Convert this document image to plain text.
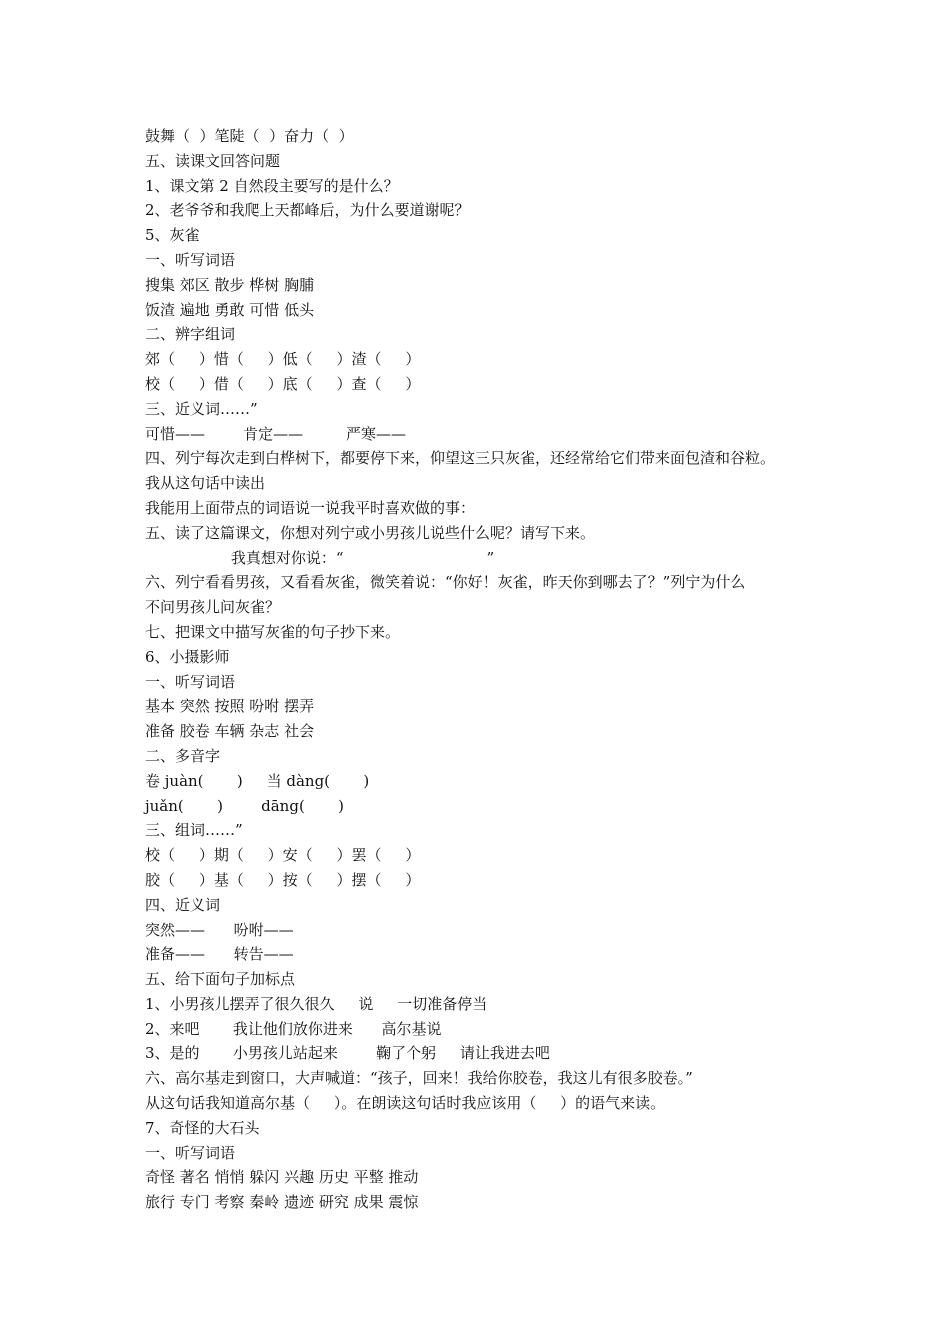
鼓舞（  ）笔陡（  ）奋力（  ）
五、读课文回答问题
1、课文第 2 自然段主要写的是什么？
2、老爷爷和我爬上天都峰后，为什么要道谢呢？
5、灰雀
一、听写词语
搜集 郊区 散步 桦树 胸脯
饭渣 遍地 勇敢 可惜 低头
二、辨字组词
郊（     ）惜（     ）低（     ）渣（     ）
校（     ）借（     ）底（     ）查（     ）
三、近义词……”
可惜——        肯定——         严寒——
四、列宁每次走到白桦树下，都要停下来，仰望这三只灰雀，还经常给它们带来面包渣和谷粒。
我从这句话中读出
我能用上面带点的词语说一说我平时喜欢做的事：
五、读了这篇课文，你想对列宁或小男孩儿说些什么呢？请写下来。
我真想对你说：“                              ”
六、列宁看看男孩，又看看灰雀，微笑着说：“你好！灰雀，昨天你到哪去了？”列宁为什么
不问男孩儿问灰雀？
七、把课文中描写灰雀的句子抄下来。
6、小摄影师
一、听写词语
基本 突然 按照 吩咐 摆弄
准备 胶卷 车辆 杂志 社会
二、多音字
卷 juàn(       )     当 dàng(       )
juǎn(       )        dāng(       )
三、组词……”
校（     ）期（     ）安（     ）罢（     ）
胶（     ）基（     ）按（     ）摆（     ）
四、近义词
突然——      吩咐——
准备——      转告——
五、给下面句子加标点
1、小男孩儿摆弄了很久很久     说     一切准备停当
2、来吧       我让他们放你进来      高尔基说
3、是的       小男孩儿站起来        鞠了个躬     请让我进去吧
六、高尔基走到窗口，大声喊道：“孩子，回来！我给你胶卷，我这儿有很多胶卷。”
从这句话我知道高尔基（     ）。在朗读这句话时我应该用（     ）的语气来读。
7、奇怪的大石头
一、听写词语
奇怪 著名 悄悄 躲闪 兴趣 历史 平整 推动
旅行 专门 考察 秦岭 遗迹 研究 成果 震惊
